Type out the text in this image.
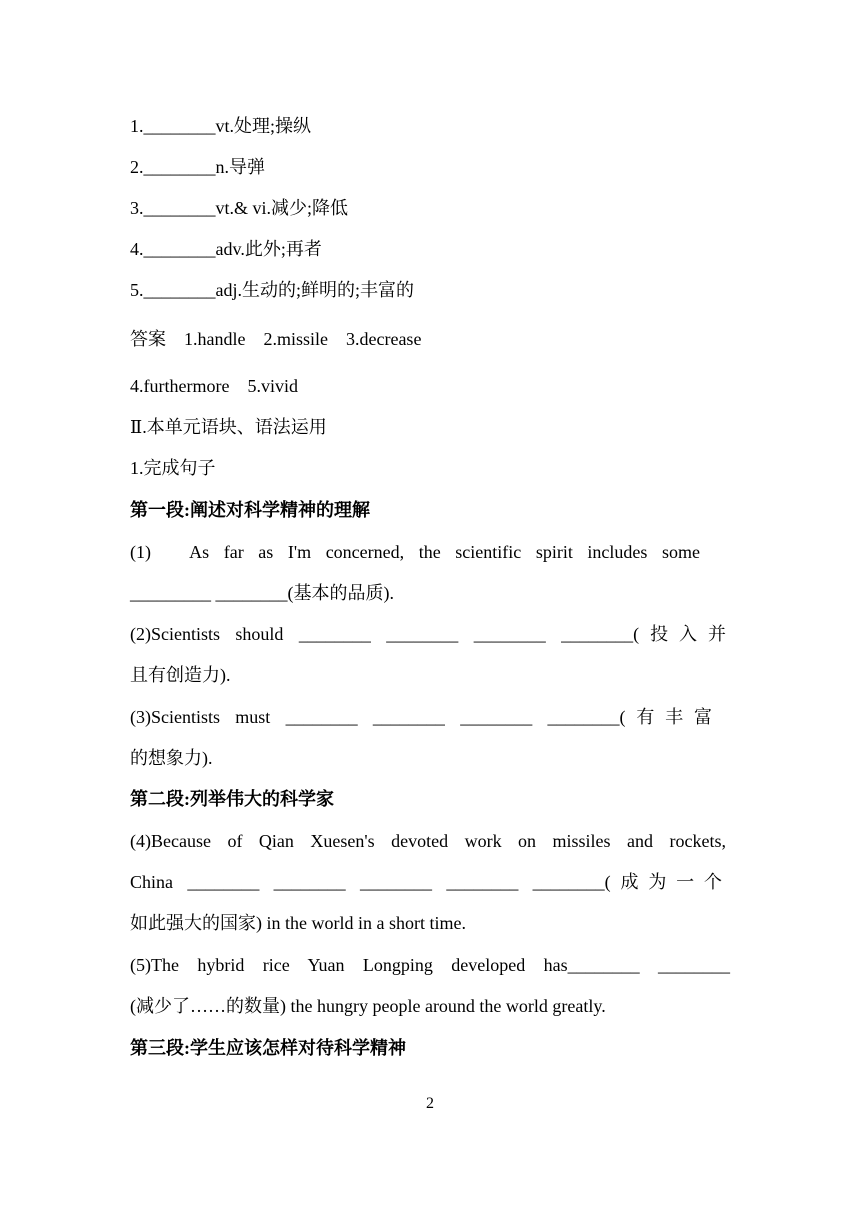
1.________vt.处理;操纵
2.________n.导弹
3.________vt.& vi.减少;降低
4.________adv.此外;再者
5.________adj.生动的;鲜明的;丰富的
答案　1.handle　2.missile　3.decrease
4.furthermore　5.vivid
Ⅱ.本单元语块、语法运用
1.完成句子
第一段:阐述对科学精神的理解
(1)　As far as I'm concerned, the scientific spirit includes some
_________ ________(基本的品质).
(2)Scientists should ________ ________ ________ ________(投入并
且有创造力).
(3)Scientists must ________ ________ ________ ________(有丰富
的想象力).
第二段:列举伟大的科学家
(4)Because of Qian Xuesen's devoted work on missiles and rockets,
China ________ ________ ________ ________ ________(成为一个
如此强大的国家) in the world in a short time.
(5)The hybrid rice Yuan Longping developed has________ ________
(减少了……的数量) the hungry people around the world greatly.
第三段:学生应该怎样对待科学精神
2
